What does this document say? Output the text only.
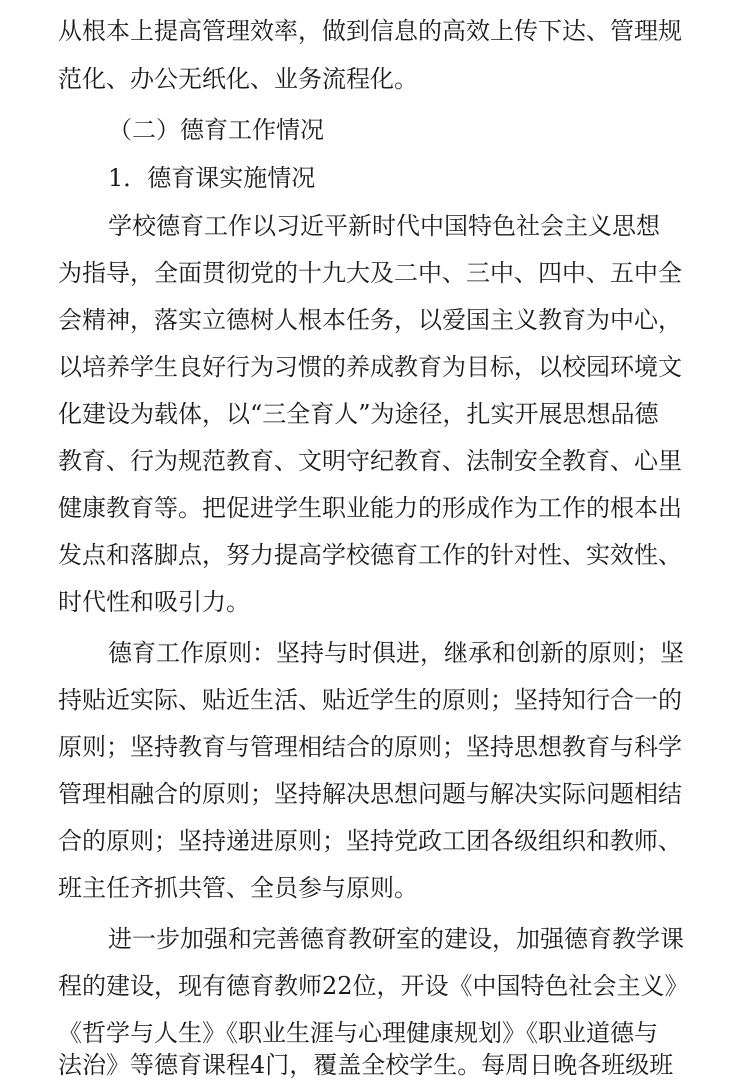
从根本上提高管理效率，做到信息的高效上传下达、管理规
范化、办公无纸化、业务流程化。
（二）德育工作情况
1．德育课实施情况
学校德育工作以习近平新时代中国特色社会主义思想
为指导，全面贯彻党的十九大及二中、三中、四中、五中全
会精神，落实立德树人根本任务，以爱国主义教育为中心，
以培养学生良好行为习惯的养成教育为目标，以校园环境文
化建设为载体，以“三全育人”为途径，扎实开展思想品德
教育、行为规范教育、文明守纪教育、法制安全教育、心里
健康教育等。把促进学生职业能力的形成作为工作的根本出
发点和落脚点，努力提高学校德育工作的针对性、实效性、
时代性和吸引力。
德育工作原则：坚持与时俱进，继承和创新的原则；坚
持贴近实际、贴近生活、贴近学生的原则；坚持知行合一的
原则；坚持教育与管理相结合的原则；坚持思想教育与科学
管理相融合的原则；坚持解决思想问题与解决实际问题相结
合的原则；坚持递进原则；坚持党政工团各级组织和教师、
班主任齐抓共管、全员参与原则。
进一步加强和完善德育教研室的建设，加强德育教学课
程的建设，现有德育教师22位，开设《中国特色社会主义》
《哲学与人生》《职业生涯与心理健康规划》《职业道德与
法治》等德育课程4门，覆盖全校学生。每周日晚各班级班
